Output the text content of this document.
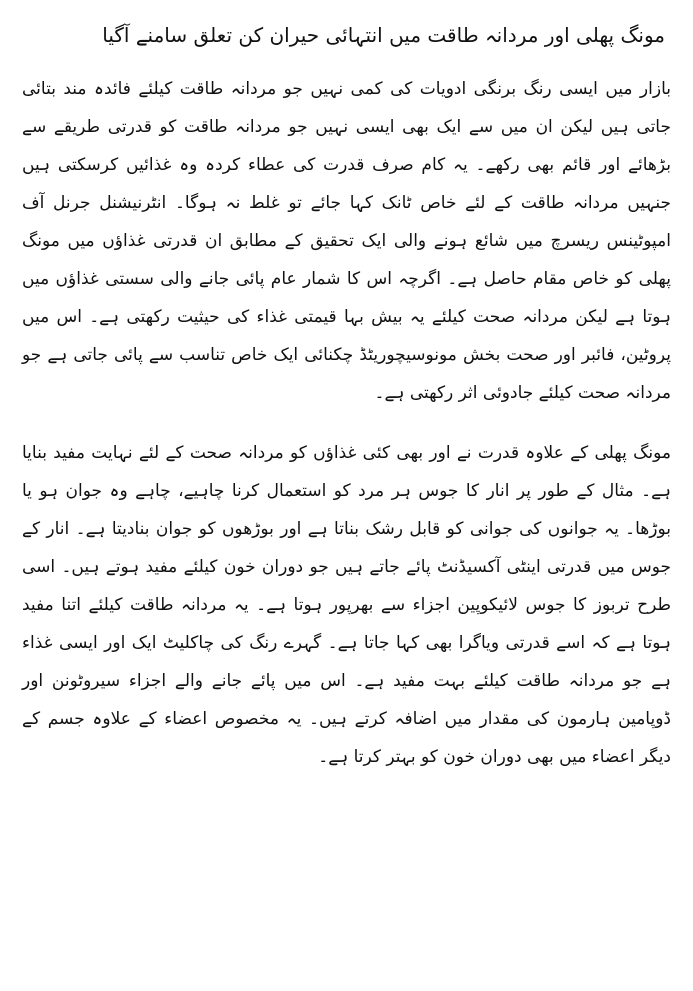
مونگ پھلی اور مردانہ طاقت میں انتہائی حیران کن تعلق سامنے آگیا

بازار میں ایسی رنگ برنگی ادویات کی کمی نہیں جو مردانہ طاقت کیلئے فائدہ مند بتائی جاتی ہیں لیکن ان میں سے ایک بھی ایسی نہیں جو مردانہ طاقت کو قدرتی طریقے سے بڑھائے اور قائم بھی رکھے۔ یہ کام صرف قدرت کی عطاء کردہ وہ غذائیں کرسکتی ہیں جنہیں مردانہ طاقت کے لئے خاص ٹانک کہا جائے تو غلط نہ ہوگا۔ انٹرنیشنل جرنل آف امپوٹینس ریسرچ میں شائع ہونے والی ایک تحقیق کے مطابق ان قدرتی غذاؤں میں مونگ پھلی کو خاص مقام حاصل ہے۔ اگرچہ اس کا شمار عام پائی جانے والی سستی غذاؤں میں ہوتا ہے لیکن مردانہ صحت کیلئے یہ بیش بہا قیمتی غذاء کی حیثیت رکھتی ہے۔ اس میں پروٹین، فائبر اور صحت بخش مونوسیچوریٹڈ چکنائی ایک خاص تناسب سے پائی جاتی ہے جو مردانہ صحت کیلئے جادوئی اثر رکھتی ہے۔

مونگ پھلی کے علاوہ قدرت نے اور بھی کئی غذاؤں کو مردانہ صحت کے لئے نہایت مفید بنایا ہے۔ مثال کے طور پر انار کا جوس ہر مرد کو استعمال کرنا چاہیے، چاہے وہ جوان ہو یا بوڑھا۔ یہ جوانوں کی جوانی کو قابل رشک بناتا ہے اور بوڑھوں کو جوان بنادیتا ہے۔ انار کے جوس میں قدرتی اینٹی آکسیڈنٹ پائے جاتے ہیں جو دوران خون کیلئے مفید ہوتے ہیں۔ اسی طرح تربوز کا جوس لائیکوپین اجزاء سے بھرپور ہوتا ہے۔ یہ مردانہ طاقت کیلئے اتنا مفید ہوتا ہے کہ اسے قدرتی ویاگرا بھی کہا جاتا ہے۔ گہرے رنگ کی چاکلیٹ ایک اور ایسی غذاء ہے جو مردانہ طاقت کیلئے بہت مفید ہے۔ اس میں پائے جانے والے اجزاء سیروٹونن اور ڈوپامین ہارمون کی مقدار میں اضافہ کرتے ہیں۔ یہ مخصوص اعضاء کے علاوہ جسم کے دیگر اعضاء میں بھی دوران خون کو بہتر کرتا ہے۔
